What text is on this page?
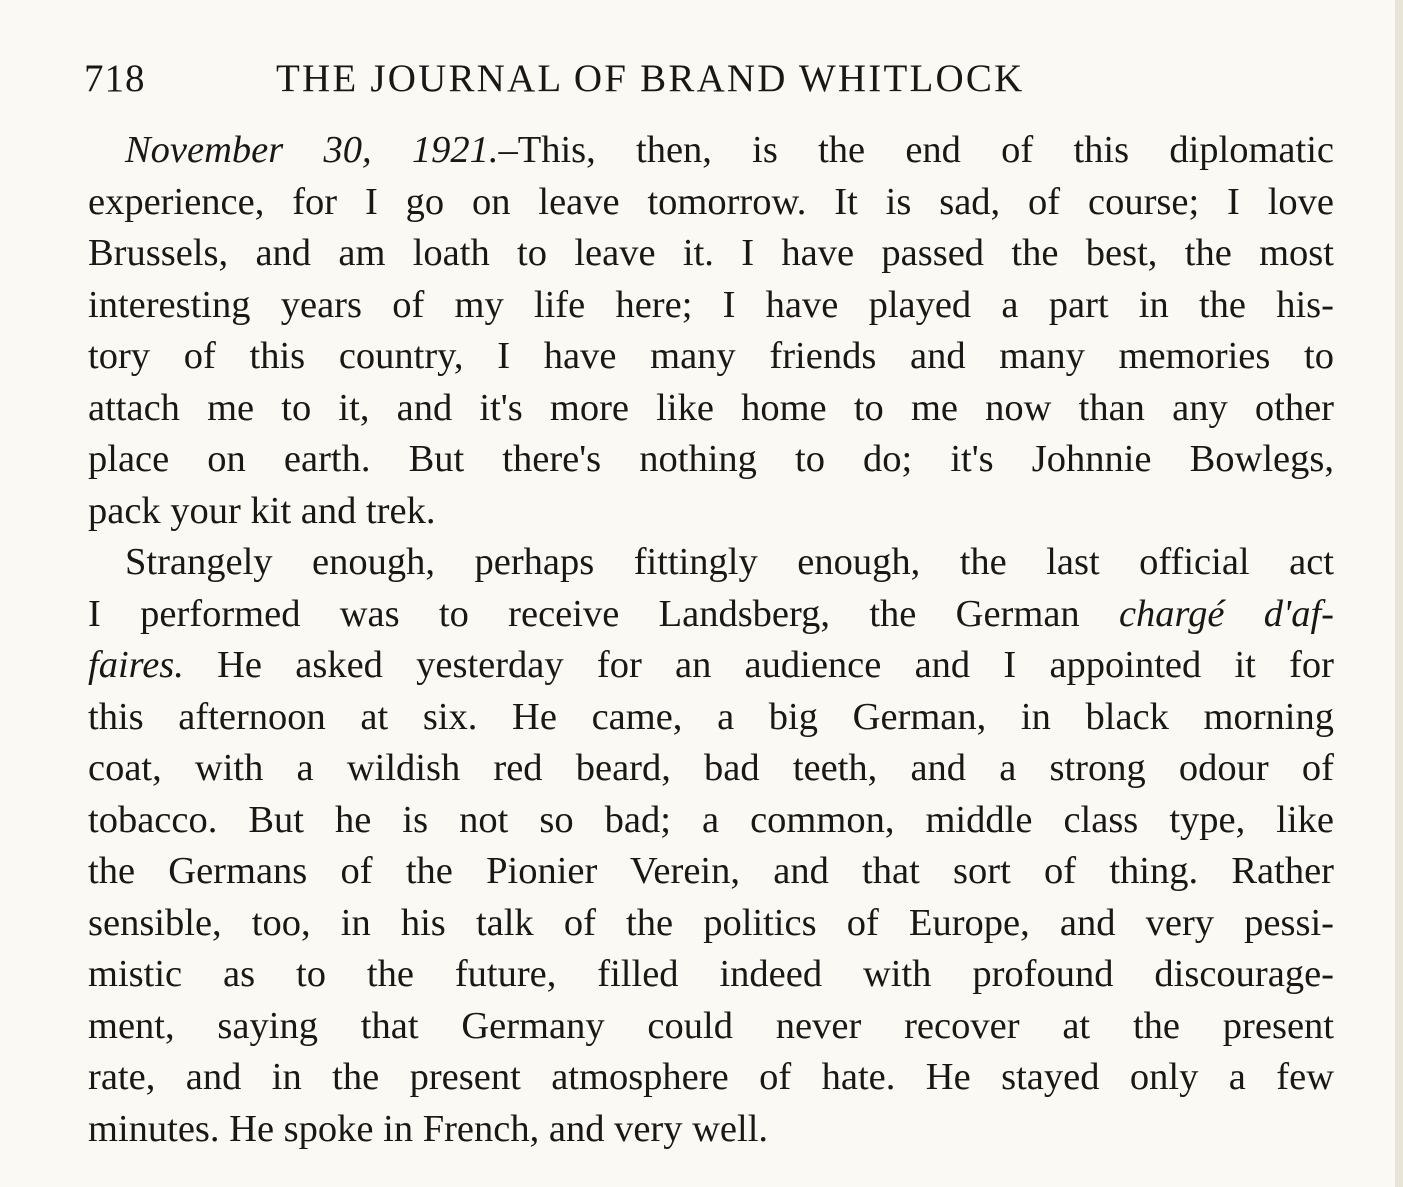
718	THE JOURNAL OF BRAND WHITLOCK
November 30, 1921.–This, then, is the end of this diplomatic
experience, for I go on leave tomorrow. It is sad, of course; I love
Brussels, and am loath to leave it. I have passed the best, the most
interesting years of my life here; I have played a part in the his-
tory of this country, I have many friends and many memories to
attach me to it, and it's more like home to me now than any other
place on earth. But there's nothing to do; it's Johnnie Bowlegs,
pack your kit and trek.
Strangely enough, perhaps fittingly enough, the last official act
I performed was to receive Landsberg, the German chargé d'af-
faires. He asked yesterday for an audience and I appointed it for
this afternoon at six. He came, a big German, in black morning
coat, with a wildish red beard, bad teeth, and a strong odour of
tobacco. But he is not so bad; a common, middle class type, like
the Germans of the Pionier Verein, and that sort of thing. Rather
sensible, too, in his talk of the politics of Europe, and very pessi-
mistic as to the future, filled indeed with profound discourage-
ment, saying that Germany could never recover at the present
rate, and in the present atmosphere of hate. He stayed only a few
minutes. He spoke in French, and very well.
